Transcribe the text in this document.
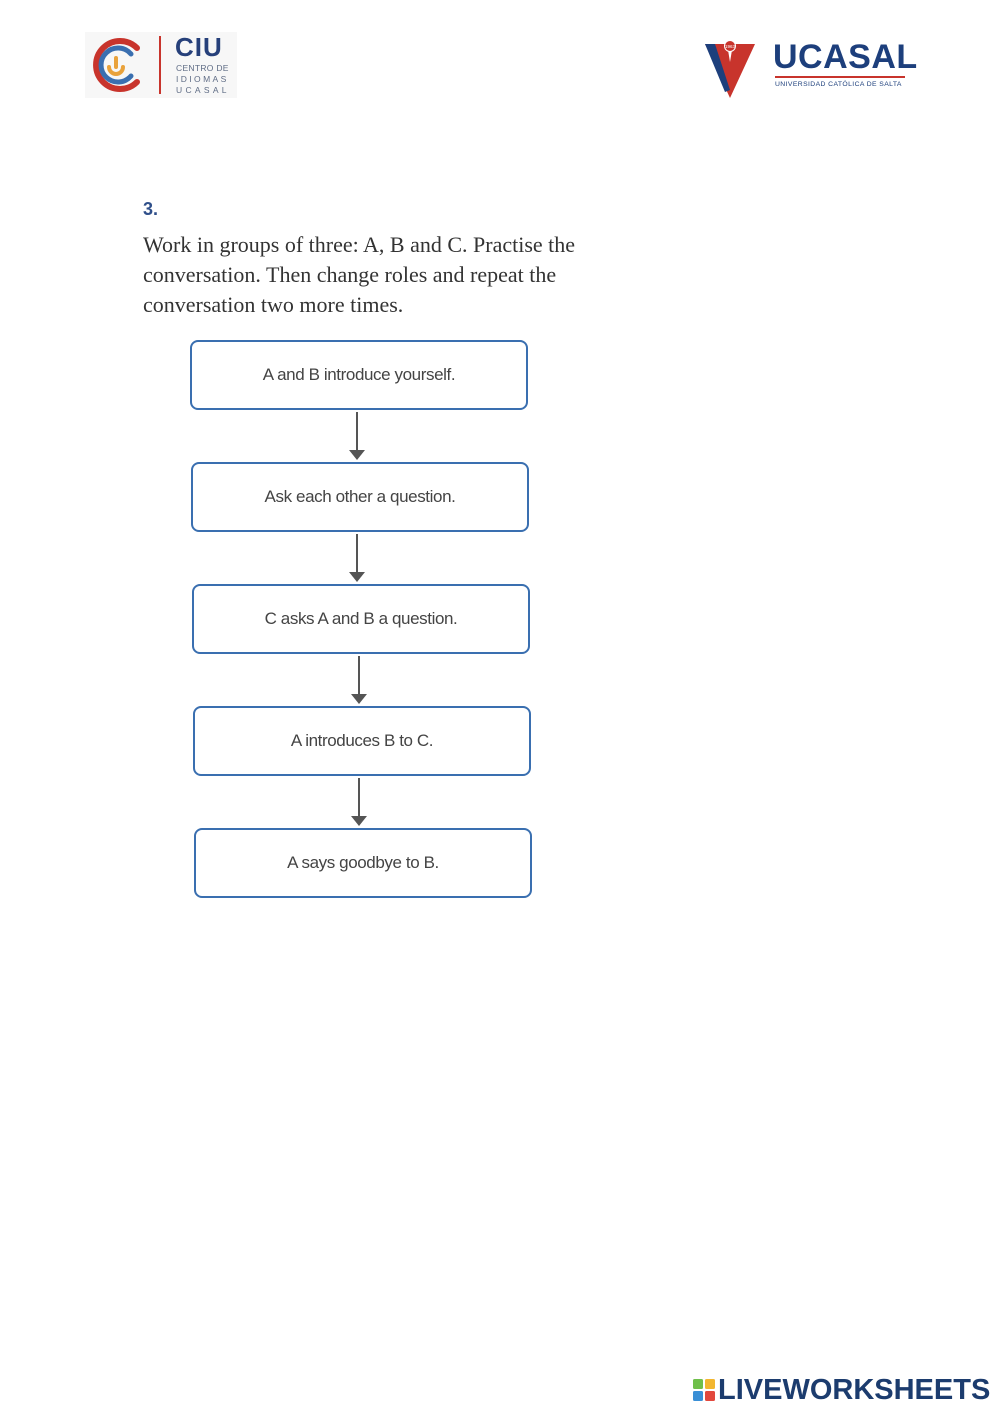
CIU
CENTRO DE
IDIOMAS
UCASAL
1963 UCASAL
UNIVERSIDAD CATÓLICA DE SALTA
3.

Work in groups of three: A, B and C. Practise the conversation. Then change roles and repeat the conversation two more times.

A and B introduce yourself.
Ask each other a question.
C asks A and B a question.
A introduces B to C.
A says goodbye to B.
LIVEWORKSHEETS
